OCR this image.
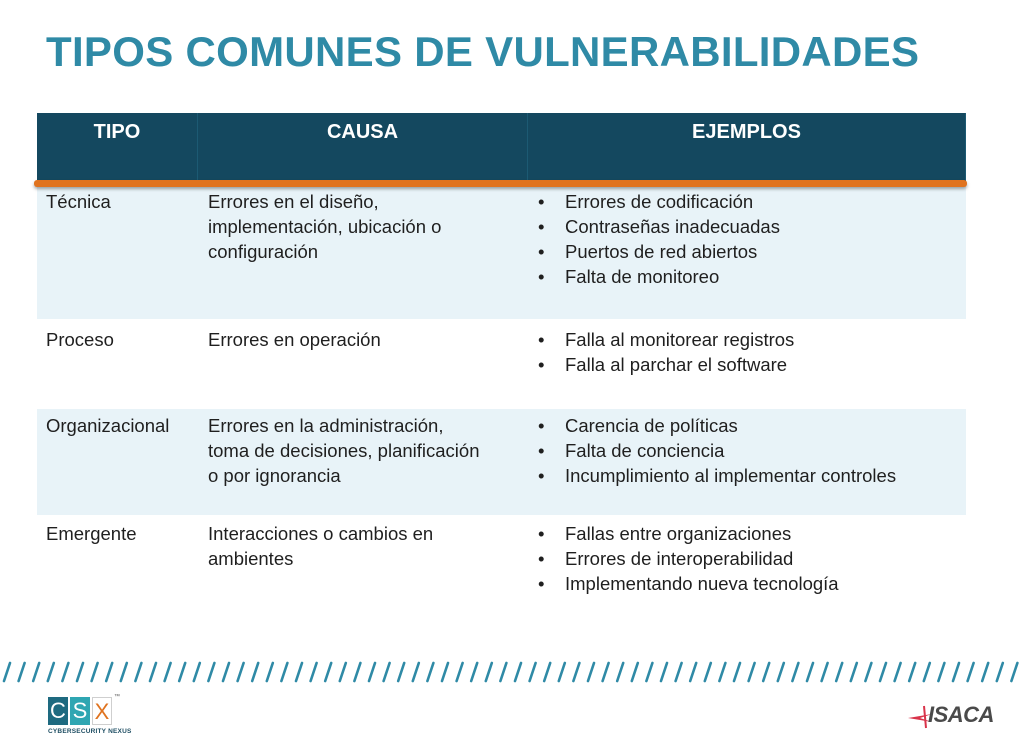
TIPOS COMUNES DE VULNERABILIDADES
TIPO	CAUSA	EJEMPLOS
Técnica	Errores en el diseño,
implementación, ubicación o
configuración
• Errores de codificación
• Contraseñas inadecuadas
• Puertos de red abiertos
• Falta de monitoreo
Proceso	Errores en operación
•	Falla al monitorear registros
• Falla al parchar el software
Organizacional	Errores en la administración,
toma de decisiones, planificación
o por ignorancia
• Carencia de políticas
• Falta de conciencia
• Incumplimiento al implementar controles
Emergente	Interacciones o cambios en
ambientes
• Fallas entre organizaciones
• Errores de interoperabilidad
• Implementando nueva tecnología
C S X
™
CYBERSECURITY NEXUS
ISACA
